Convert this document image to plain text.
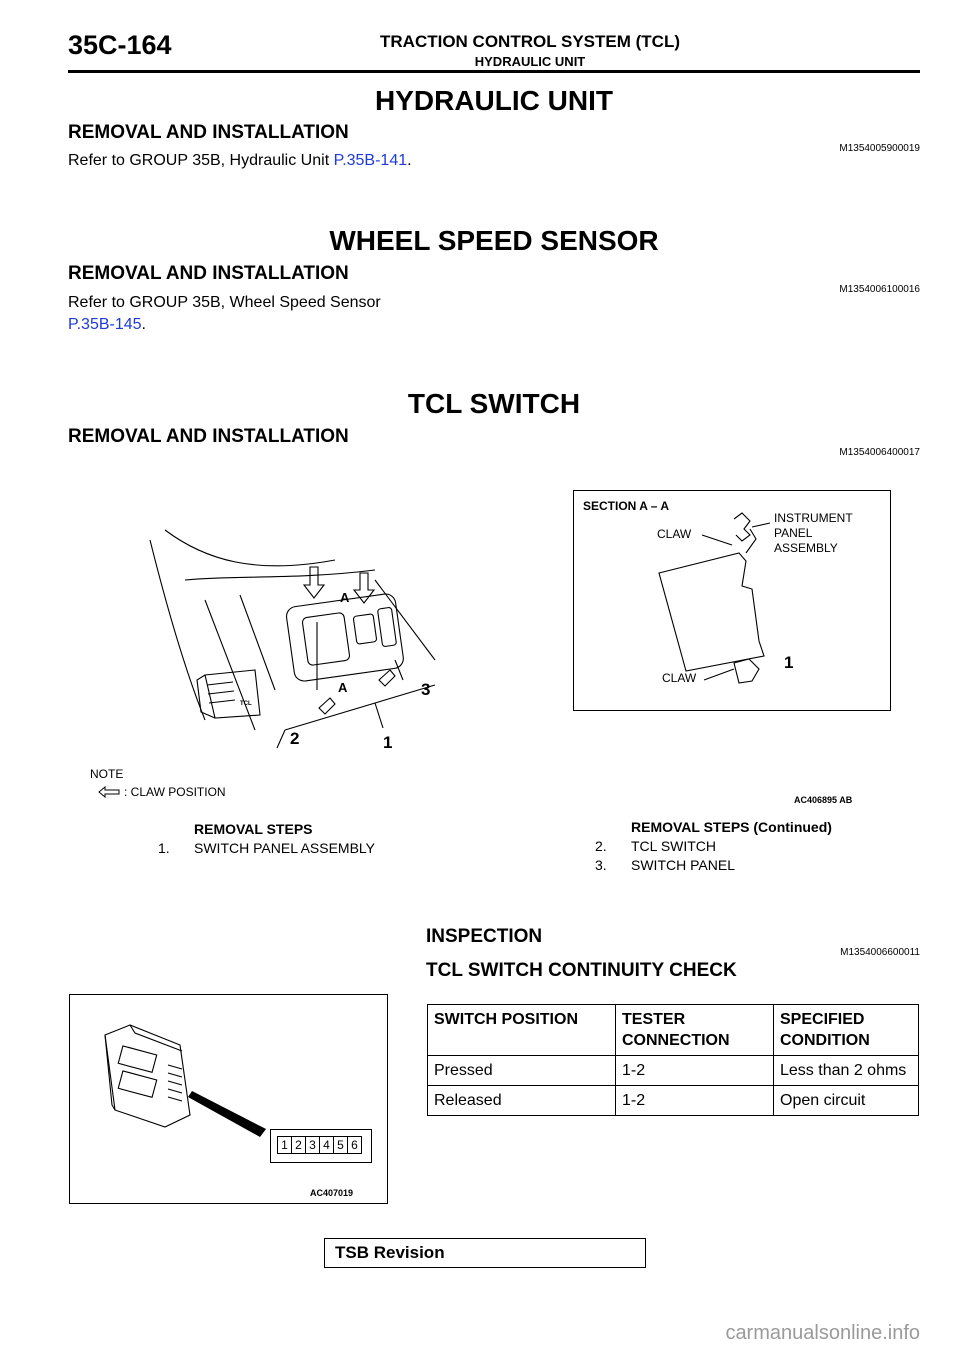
35C-164	TRACTION CONTROL SYSTEM (TCL)
HYDRAULIC UNIT
HYDRAULIC UNIT
REMOVAL AND INSTALLATION
M1354005900019
Refer to GROUP 35B, Hydraulic Unit P.35B-141.
WHEEL SPEED SENSOR
REMOVAL AND INSTALLATION
M1354006100016
Refer to GROUP 35B, Wheel Speed Sensor
P.35B-145.
TCL SWITCH
REMOVAL AND INSTALLATION
M1354006400017
A
A	3
2	1
TCL
SECTION A – A
CLAW
INSTRUMENT
PANEL
ASSEMBLY
CLAW
1
NOTE
: CLAW POSITION
AC406895 AB
REMOVAL STEPS
1. SWITCH PANEL ASSEMBLY
REMOVAL STEPS (Continued)
2. TCL SWITCH
3. SWITCH PANEL
INSPECTION
M1354006600011
TCL SWITCH CONTINUITY CHECK
1 2 3 4 5 6
AC407019
SWITCH POSITION	TESTER CONNECTION	SPECIFIED CONDITION
Pressed	1-2	Less than 2 ohms
Released	1-2	Open circuit
TSB Revision
carmanualsonline.info
